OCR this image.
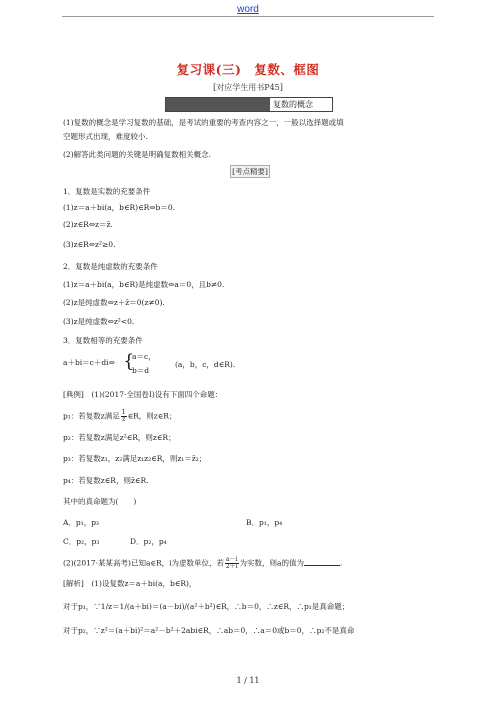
word
复习课(三)　复数、框图
[对应学生用书P45]
复数的概念
(1)复数的概念是学习复数的基础，是考试的重要的考查内容之一，一般以选择题或填
空题形式出现，难度较小.
(2)解答此类问题的关键是明确复数相关概念.
[考点精要]
1．复数是实数的充要条件
(1)z＝a＋bi(a，b∈R)∈R⇔b＝0.
(2)z∈R⇔z＝z̄.
(3)z∈R⇔z²≥0.
2．复数是纯虚数的充要条件
(1)z＝a＋bi(a，b∈R)是纯虚数⇔a＝0，且b≠0.
(2)z是纯虚数⇔z＋z̄＝0(z≠0).
(3)z是纯虚数⇔z²<0.
3．复数相等的充要条件
a＋bi＝c＋di⇔ {
a＝c，
b＝d
(a，b，c，d∈R).
[典例]　(1)(2017·全国卷Ⅰ)设有下面四个命题：
p₁：若复数z满足 $\frac{1}{z}$ ∈R，则z∈R；
p₂：若复数z满足z²∈R，则z∈R；
p₃：若复数z₁，z₂满足z₁z₂∈R，则z₁＝z̄₂；
p₄：若复数z∈R，则z̄∈R.
其中的真命题为(　　)
A．p₁，p₃	B．p₁，p₄
C．p₂，p₃	D．p₂，p₄
(2)(2017·某某高考)已知a∈R，i为虚数单位，若 $\frac{a-i}{2+i}$ 为实数，则a的值为	.
[解析]　(1)设复数z＝a＋bi(a，b∈R)，
对于p₁，∵1/z＝1/(a＋bi)＝(a－bi)/(a²＋b²)∈R，∴b＝0，∴z∈R，∴p₁是真命题；
对于p₂，∵z²＝(a＋bi)²＝a²－b²＋2abi∈R，∴ab＝0，∴a＝0或b＝0，∴p₂不是真命
1 / 11
